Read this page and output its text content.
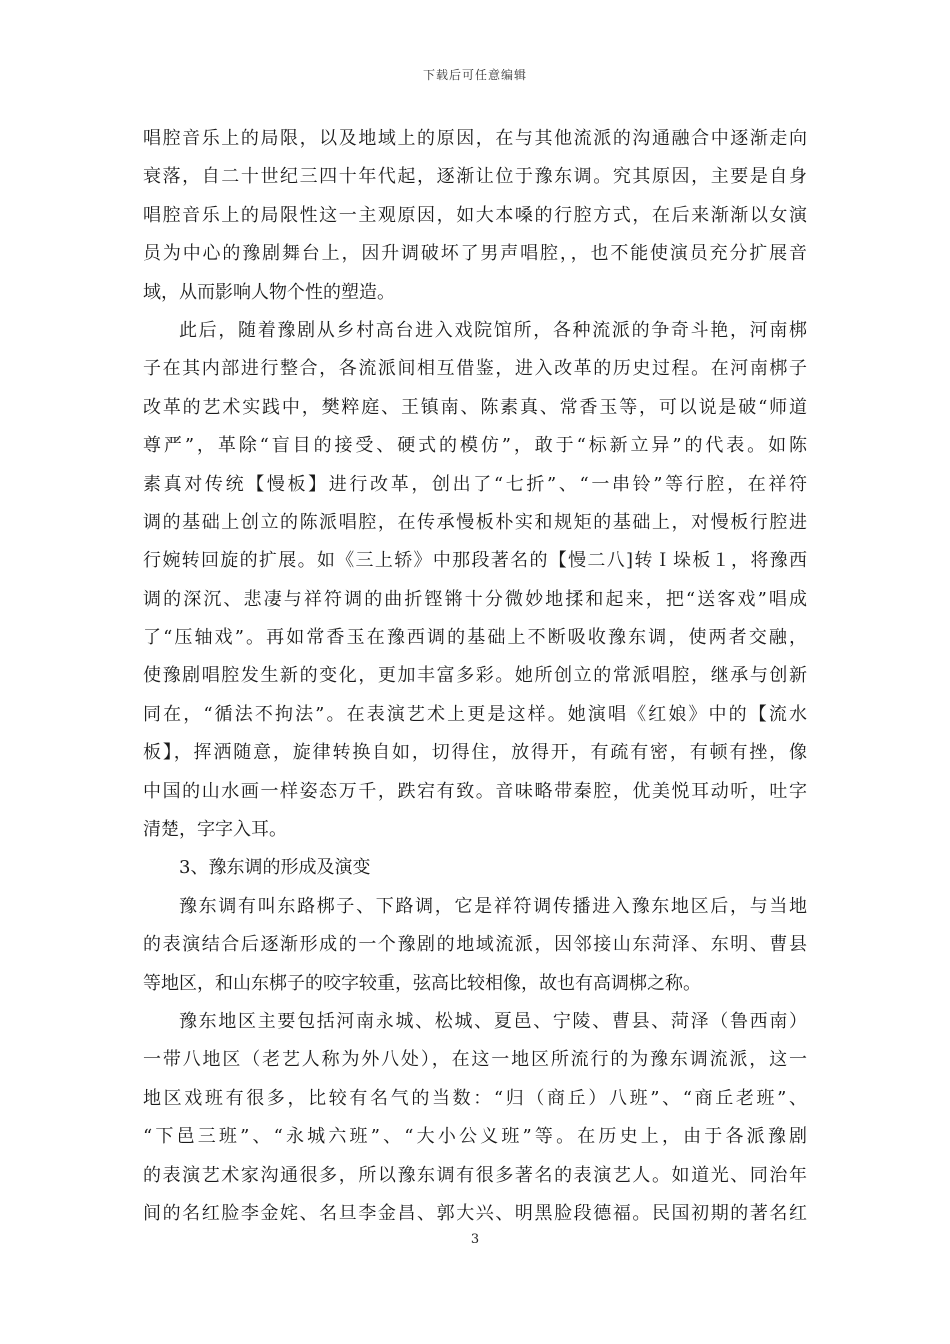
下载后可任意编辑
唱腔音乐上的局限，以及地域上的原因，在与其他流派的沟通融合中逐渐走向
衰落，自二十世纪三四十年代起，逐渐让位于豫东调。究其原因，主要是自身
唱腔音乐上的局限性这一主观原因，如大本嗓的行腔方式，在后来渐渐以女演
员为中心的豫剧舞台上，因升调破坏了男声唱腔，，也不能使演员充分扩展音
域，从而影响人物个性的塑造。
此后，随着豫剧从乡村高台进入戏院馆所，各种流派的争奇斗艳，河南梆
子在其内部进行整合，各流派间相互借鉴，进入改革的历史过程。在河南梆子
改革的艺术实践中，樊粹庭、王镇南、陈素真、常香玉等，可以说是破“师道
尊严”，革除“盲目的接受、硬式的模仿”，敢于“标新立异”的代表。如陈
素真对传统【慢板】进行改革，创出了“七折”、“一串铃”等行腔，在祥符
调的基础上创立的陈派唱腔，在传承慢板朴实和规矩的基础上，对慢板行腔进
行婉转回旋的扩展。如《三上轿》中那段著名的【慢二八]转Ｉ垛板１，将豫西
调的深沉、悲凄与祥符调的曲折铿锵十分微妙地揉和起来，把“送客戏”唱成
了“压轴戏”。再如常香玉在豫西调的基础上不断吸收豫东调，使两者交融，
使豫剧唱腔发生新的变化，更加丰富多彩。她所创立的常派唱腔，继承与创新
同在，“循法不拘法”。在表演艺术上更是这样。她演唱《红娘》中的【流水
板】，挥洒随意，旋律转换自如，切得住，放得开，有疏有密，有顿有挫，像
中国的山水画一样姿态万千，跌宕有致。音味略带秦腔，优美悦耳动听，吐字
清楚，字字入耳。
3、豫东调的形成及演变
豫东调有叫东路梆子、下路调，它是祥符调传播进入豫东地区后，与当地
的表演结合后逐渐形成的一个豫剧的地域流派，因邻接山东菏泽、东明、曹县
等地区，和山东梆子的咬字较重，弦高比较相像，故也有高调梆之称。
豫东地区主要包括河南永城、松城、夏邑、宁陵、曹县、菏泽（鲁西南）
一带八地区（老艺人称为外八处），在这一地区所流行的为豫东调流派，这一
地区戏班有很多，比较有名气的当数：“归（商丘）八班”、“商丘老班”、
“下邑三班”、“永城六班”、“大小公义班”等。在历史上，由于各派豫剧
的表演艺术家沟通很多，所以豫东调有很多著名的表演艺人。如道光、同治年
间的名红脸李金姹、名旦李金昌、郭大兴、明黑脸段德福。民国初期的著名红
3
